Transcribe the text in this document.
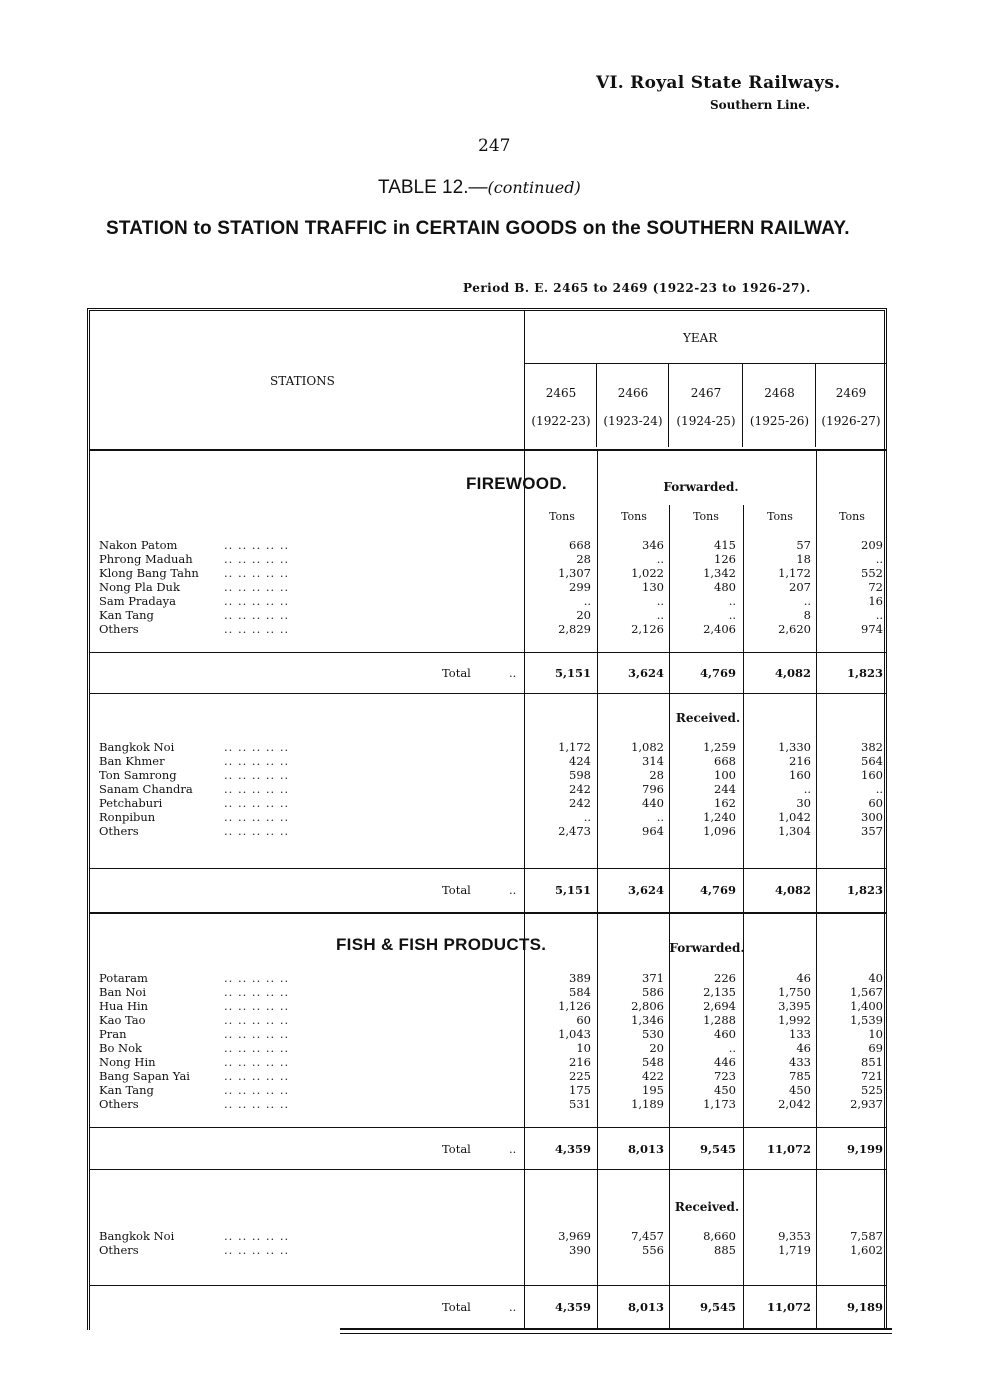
VI. Royal State Railways.
Southern Line.
247
TABLE 12.—(continued)
STATION to STATION TRAFFIC in CERTAIN GOODS on the SOUTHERN RAILWAY.
Period B. E. 2465 to 2469 (1922-23 to 1926-27).
STATIONS
YEAR
2465
(1922-23)
2466
(1923-24)
2467
(1924-25)
2468
(1925-26)
2469
(1926-27)
FIREWOOD.	Forwarded.
Tons	Tons	Tons	Tons	Tons
Nakon Patom	.. .. .. .. ..	668	346	415	57	209
Phrong Maduah	.. .. .. .. ..	28	..	126	18	..
Klong Bang Tahn .. .. .. .. ..	1,307	1,022	1,342	1,172	552
Nong Pla Duk	.. .. .. .. ..	299	130	480	207	72
Sam Pradaya	.. .. .. .. ..	..	..	..	..	16
Kan Tang	.. .. .. .. ..	20	..	..	8	..
Others	.. .. .. .. ..	2,829	2,126	2,406	2,620	974
Total	..	5,151	3,624	4,769	4,082	1,823
Received.
Bangkok Noi	.. .. .. .. ..	1,172	1,082	1,259	1,330	382
Ban Khmer	.. .. .. .. ..	424	314	668	216	564
Ton Samrong	.. .. .. .. ..	598	28	100	160	160
Sanam Chandra	.. .. .. .. ..	242	796	244	..	..
Petchaburi	.. .. .. .. ..	242	440	162	30	60
Ronpibun	.. .. .. .. ..	..	..	1,240	1,042	300
Others	.. .. .. .. ..	2,473	964	1,096	1,304	357
Total	..	5,151	3,624	4,769	4,082	1,823
FISH & FISH PRODUCTS.	Forwarded.
Potaram	.. .. .. .. ..	389	371	226	46	40
Ban Noi	.. .. .. .. ..	584	586	2,135	1,750	1,567
Hua Hin	.. .. .. .. ..	1,126	2,806	2,694	3,395	1,400
Kao Tao	.. .. .. .. ..	60	1,346	1,288	1,992	1,539
Pran	.. .. .. .. ..	1,043	530	460	133	10
Bo Nok	.. .. .. .. ..	10	20	..	46	69
Nong Hin	.. .. .. .. ..	216	548	446	433	851
Bang Sapan Yai	.. .. .. .. ..	225	422	723	785	721
Kan Tang	.. .. .. .. ..	175	195	450	450	525
Others	.. .. .. .. ..	531	1,189	1,173	2,042	2,937
Total	..	4,359	8,013	9,545	11,072	9,199
Received.
Bangkok Noi	.. .. .. .. ..	3,969	7,457	8,660	9,353	7,587
Others	.. .. .. .. ..	390	556	885	1,719	1,602
Total	..	4,359	8,013	9,545	11,072	9,189
